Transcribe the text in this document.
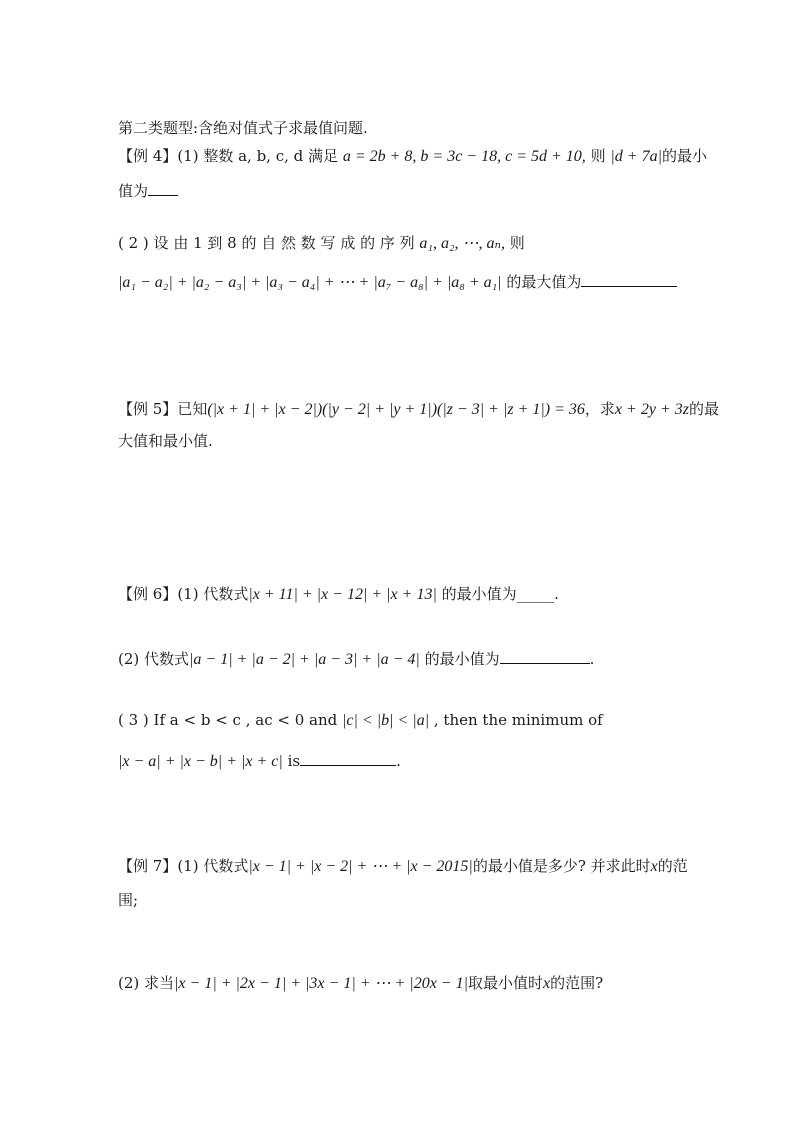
第二类题型:含绝对值式子求最值问题.
【例 4】(1) 整数 a, b, c, d 满足 a = 2b + 8, b = 3c − 18, c = 5d + 10, 则 |d + 7a|的最小
值为
( 2 ) 设 由 1 到 8 的 自 然 数 写 成 的 序 列 a₁, a₂, ⋯, aₙ, 则
|a₁ − a₂| + |a₂ − a₃| + |a₃ − a₄| + ⋯ + |a₇ − a₈| + |a₈ + a₁| 的最大值为
【例 5】已知(|x + 1| + |x − 2|)(|y − 2| + |y + 1|)(|z − 3| + |z + 1|) = 36，求x + 2y + 3z的最
大值和最小值.
【例 6】(1) 代数式|x + 11| + |x − 12| + |x + 13| 的最小值为_____.
(2) 代数式|a − 1| + |a − 2| + |a − 3| + |a − 4| 的最小值为	.
( 3 ) If a < b < c , ac < 0 and |c| < |b| < |a| , then the minimum of
|x − a| + |x − b| + |x + c| is	.
【例 7】(1) 代数式|x − 1| + |x − 2| + ⋯ + |x − 2015|的最小值是多少? 并求此时x的范
围;
(2) 求当|x − 1| + |2x − 1| + |3x − 1| + ⋯ + |20x − 1|取最小值时x的范围?
